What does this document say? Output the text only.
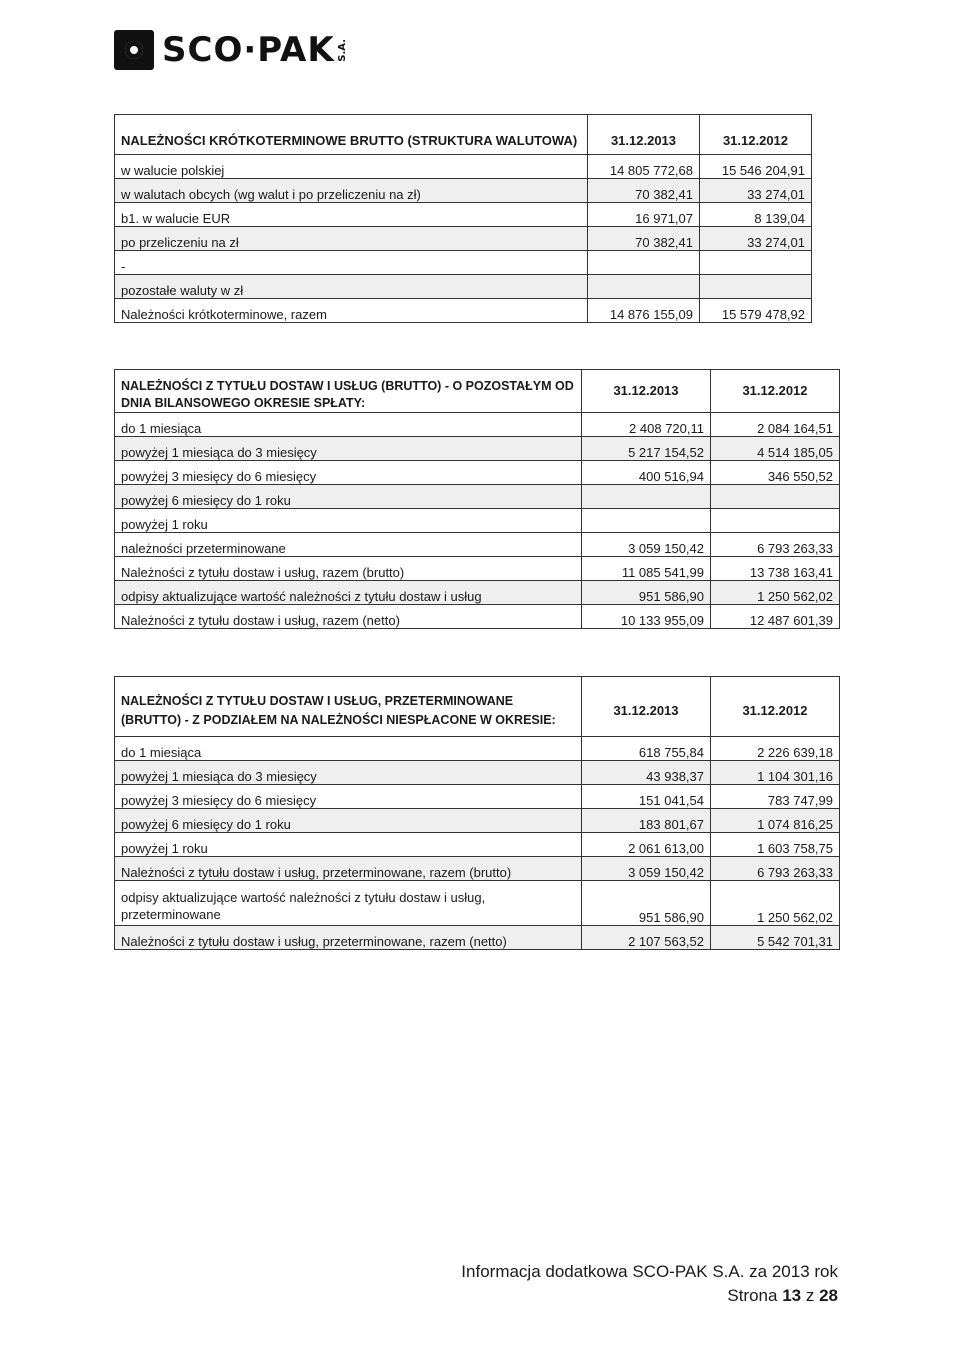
SCO·PAK S.A.
NALEŻNOŚCI KRÓTKOTERMINOWE BRUTTO (STRUKTURA WALUTOWA)	31.12.2013	31.12.2012
w walucie polskiej	14 805 772,68	15 546 204,91
w walutach obcych (wg walut i po przeliczeniu na zł)	70 382,41	33 274,01
b1. w walucie EUR	16 971,07	8 139,04
po przeliczeniu na zł	70 382,41	33 274,01
-		
pozostałe waluty w zł		
Należności krótkoterminowe, razem	14 876 155,09	15 579 478,92
NALEŻNOŚCI Z TYTUŁU DOSTAW I USŁUG (BRUTTO) - O POZOSTAŁYM OD DNIA BILANSOWEGO OKRESIE SPŁATY:	31.12.2013	31.12.2012
do 1 miesiąca	2 408 720,11	2 084 164,51
powyżej 1 miesiąca do 3 miesięcy	5 217 154,52	4 514 185,05
powyżej 3 miesięcy do 6 miesięcy	400 516,94	346 550,52
powyżej 6 miesięcy do 1 roku		
powyżej 1 roku		
należności przeterminowane	3 059 150,42	6 793 263,33
Należności z tytułu dostaw i usług, razem (brutto)	11 085 541,99	13 738 163,41
odpisy aktualizujące wartość należności z tytułu dostaw i usług	951 586,90	1 250 562,02
Należności z tytułu dostaw i usług, razem (netto)	10 133 955,09	12 487 601,39
NALEŻNOŚCI Z TYTUŁU DOSTAW I USŁUG, PRZETERMINOWANE (BRUTTO) - Z PODZIAŁEM NA NALEŻNOŚCI NIESPŁACONE W OKRESIE:	31.12.2013	31.12.2012
do 1 miesiąca	618 755,84	2 226 639,18
powyżej 1 miesiąca do 3 miesięcy	43 938,37	1 104 301,16
powyżej 3 miesięcy do 6 miesięcy	151 041,54	783 747,99
powyżej 6 miesięcy do 1 roku	183 801,67	1 074 816,25
powyżej 1 roku	2 061 613,00	1 603 758,75
Należności z tytułu dostaw i usług, przeterminowane, razem (brutto)	3 059 150,42	6 793 263,33
odpisy aktualizujące wartość należności z tytułu dostaw i usług, przeterminowane	951 586,90	1 250 562,02
Należności z tytułu dostaw i usług, przeterminowane, razem (netto)	2 107 563,52	5 542 701,31
Informacja dodatkowa SCO-PAK S.A. za 2013 rok
Strona 13 z 28
